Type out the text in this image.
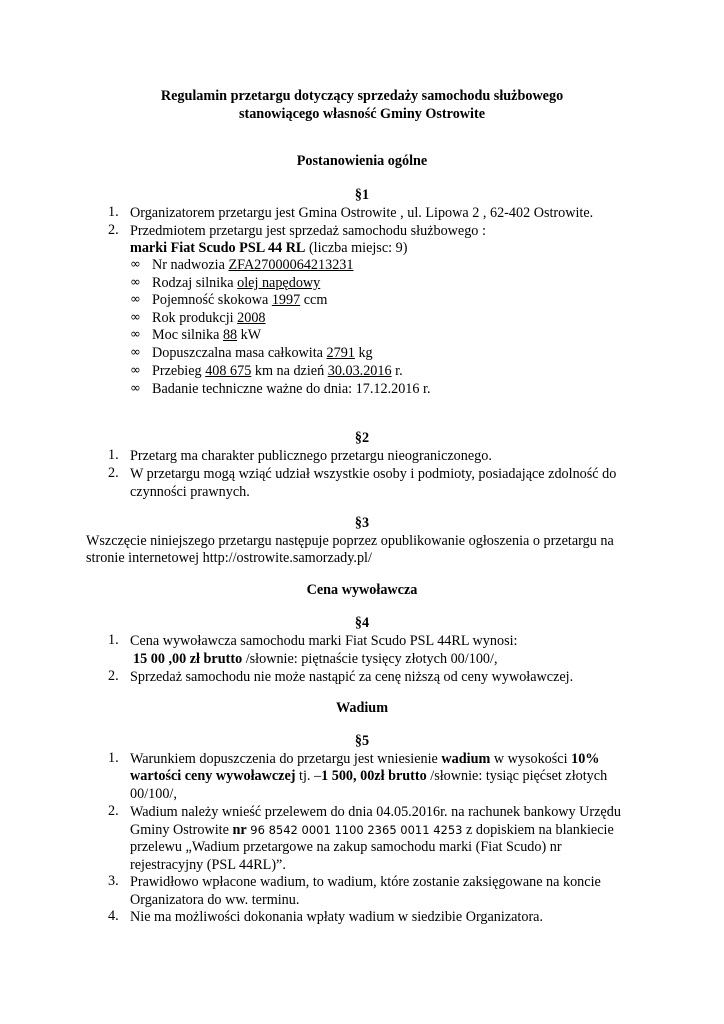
Regulamin przetargu dotyczący sprzedaży samochodu służbowego
stanowiącego własność Gminy Ostrowite
Postanowienia ogólne
§1
1. Organizatorem przetargu jest Gmina Ostrowite , ul. Lipowa 2 , 62-402 Ostrowite.
2. Przedmiotem przetargu jest sprzedaż samochodu służbowego :
marki Fiat Scudo PSL 44 RL (liczba miejsc: 9)
∞ Nr nadwozia ZFA27000064213231
∞ Rodzaj silnika olej napędowy
∞ Pojemność skokowa 1997 ccm
∞ Rok produkcji 2008
∞ Moc silnika 88 kW
∞ Dopuszczalna masa całkowita 2791 kg
∞ Przebieg 408 675 km na dzień 30.03.2016 r.
∞ Badanie techniczne ważne do dnia: 17.12.2016 r.
§2
1. Przetarg ma charakter publicznego przetargu nieograniczonego.
2. W przetargu mogą wziąć udział wszystkie osoby i podmioty, posiadające zdolność do
czynności prawnych.
§3
Wszczęcie niniejszego przetargu następuje poprzez opublikowanie ogłoszenia o przetargu na
stronie internetowej http://ostrowite.samorzady.pl/
Cena wywoławcza
§4
1. Cena wywoławcza samochodu marki Fiat Scudo PSL 44RL wynosi:
15 00 ,00 zł brutto /słownie: piętnaście tysięcy złotych 00/100/,
2. Sprzedaż samochodu nie może nastąpić za cenę niższą od ceny wywoławczej.
Wadium
§5
1. Warunkiem dopuszczenia do przetargu jest wniesienie wadium w wysokości 10%
wartości ceny wywoławczej tj. –1 500, 00zł brutto /słownie: tysiąc pięćset złotych
00/100/,
2. Wadium należy wnieść przelewem do dnia 04.05.2016r. na rachunek bankowy Urzędu
Gminy Ostrowite nr 96 8542 0001 1100 2365 0011 4253 z dopiskiem na blankiecie
przelewu „Wadium przetargowe na zakup samochodu marki (Fiat Scudo) nr
rejestracyjny (PSL 44RL)”.
3. Prawidłowo wpłacone wadium, to wadium, które zostanie zaksięgowane na koncie
Organizatora do ww. terminu.
4. Nie ma możliwości dokonania wpłaty wadium w siedzibie Organizatora.
